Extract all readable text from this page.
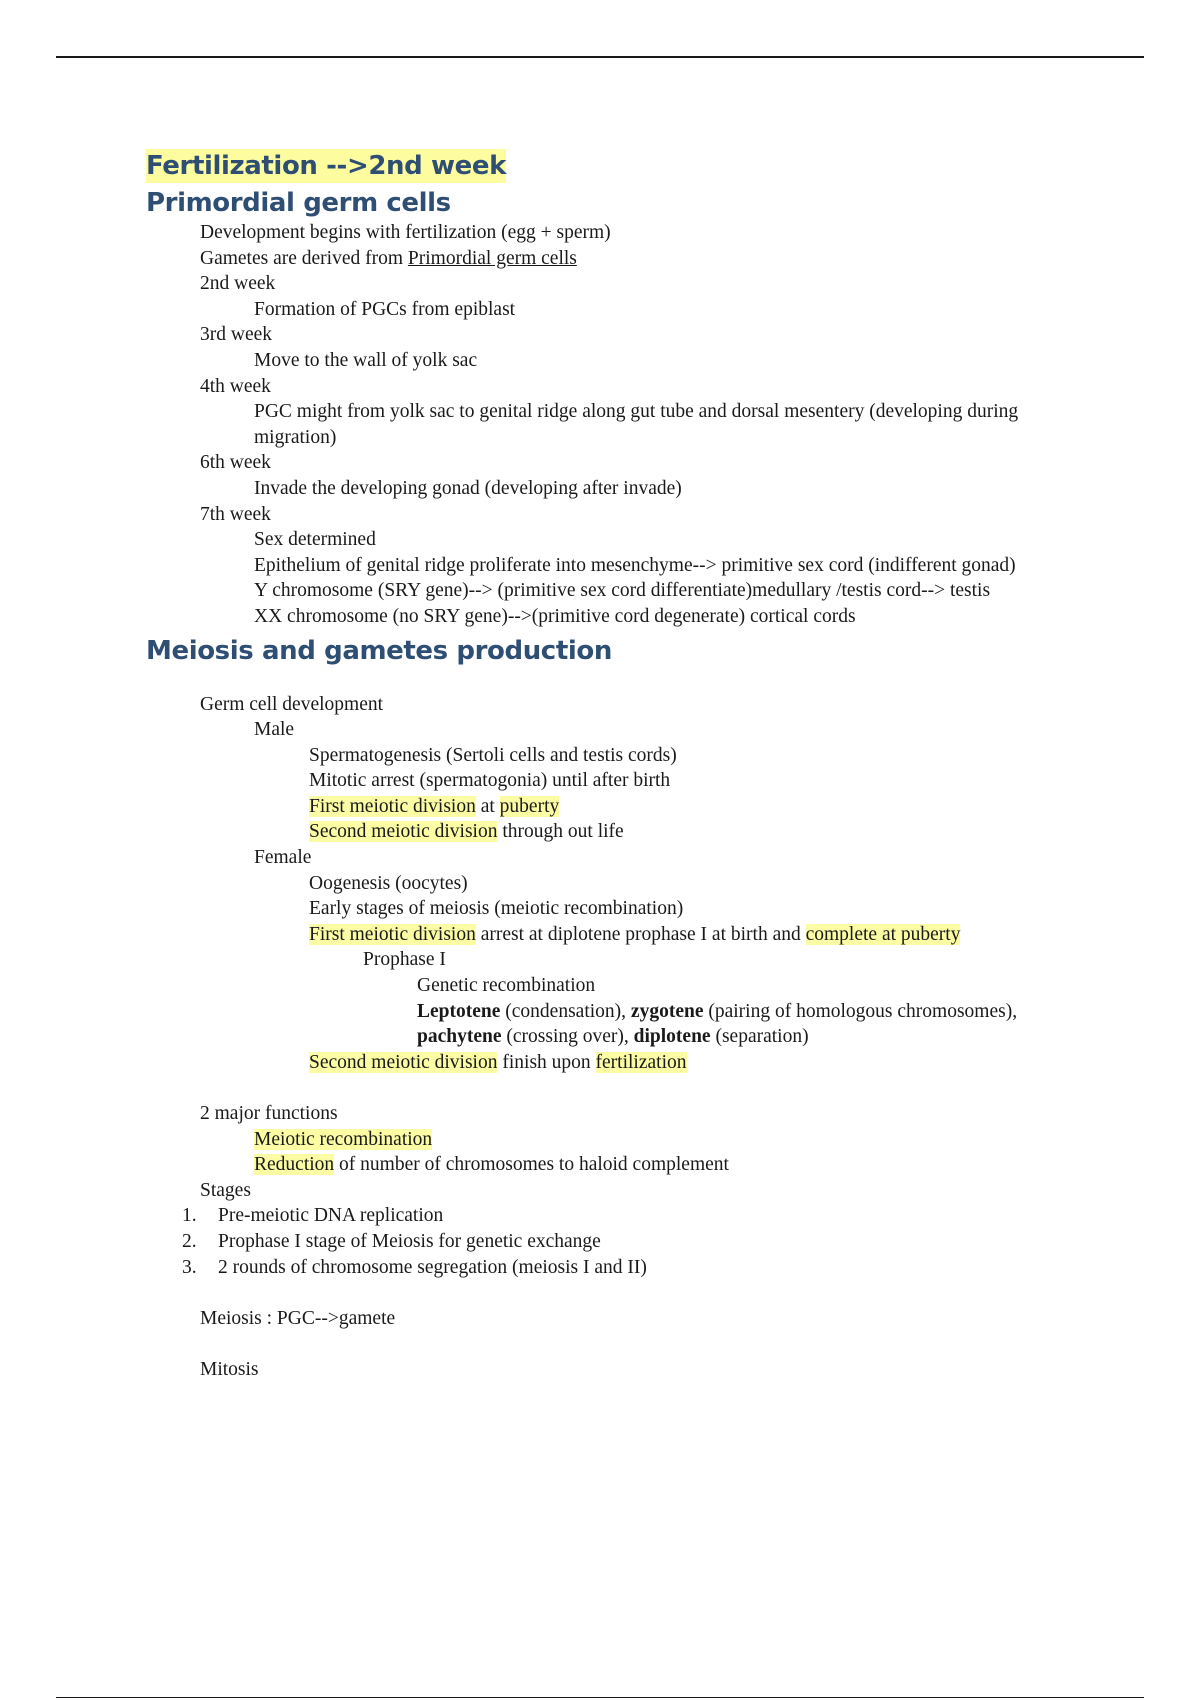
Fertilization -->2nd week
Primordial germ cells
Development begins with fertilization (egg + sperm)
Gametes are derived from Primordial germ cells
2nd week
Formation of PGCs from epiblast
3rd week
Move to the wall of yolk sac
4th week
PGC might from yolk sac to genital ridge along gut tube and dorsal mesentery (developing during migration)
6th week
Invade the developing gonad (developing after invade)
7th week
Sex determined
Epithelium of genital ridge proliferate into mesenchyme--> primitive sex cord (indifferent gonad)
Y chromosome (SRY gene)--> (primitive sex cord differentiate)medullary /testis cord--> testis
XX chromosome (no SRY gene)-->(primitive cord degenerate) cortical cords
Meiosis and gametes production
Germ cell development
Male
Spermatogenesis (Sertoli cells and testis cords)
Mitotic arrest (spermatogonia) until after birth
First meiotic division at puberty
Second meiotic division through out life
Female
Oogenesis (oocytes)
Early stages of meiosis (meiotic recombination)
First meiotic division arrest at diplotene prophase I at birth and complete at puberty
Prophase I
Genetic recombination
Leptotene (condensation), zygotene (pairing of homologous chromosomes), pachytene (crossing over), diplotene (separation)
Second meiotic division finish upon fertilization
2 major functions
Meiotic recombination
Reduction of number of chromosomes to haloid complement
Stages
1. Pre-meiotic DNA replication
2. Prophase I stage of Meiosis for genetic exchange
3. 2 rounds of chromosome segregation (meiosis I and II)
Meiosis : PGC-->gamete
Mitosis
